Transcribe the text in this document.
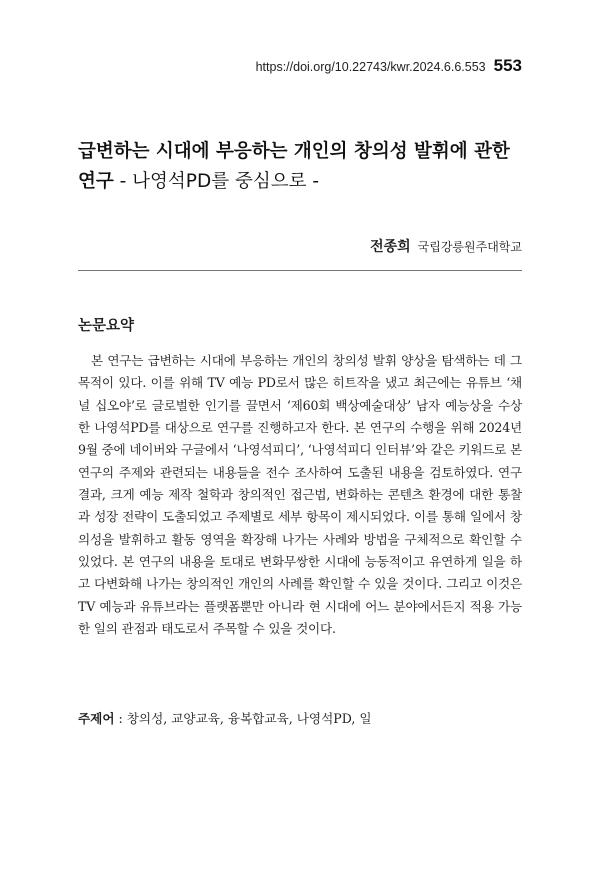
https://doi.org/10.22743/kwr.2024.6.6.553 553
급변하는 시대에 부응하는 개인의 창의성 발휘에 관한
연구 - 나영석PD를 중심으로 -
전종희 국립강릉원주대학교
논문요약

본 연구는 급변하는 시대에 부응하는 개인의 창의성 발휘 양상을 탐색하는 데 그 목적이 있다. 이를 위해 TV 예능 PD로서 많은 히트작을 냈고 최근에는 유튜브 ‘채널 십오야’로 글로벌한 인기를 끌면서 ‘제60회 백상예술대상’ 남자 예능상을 수상한 나영석PD를 대상으로 연구를 진행하고자 한다. 본 연구의 수행을 위해 2024년 9월 중에 네이버와 구글에서 ‘나영석피디’, ‘나영석피디 인터뷰’와 같은 키워드로 본 연구의 주제와 관련되는 내용들을 전수 조사하여 도출된 내용을 검토하였다. 연구 결과, 크게 예능 제작 철학과 창의적인 접근법, 변화하는 콘텐츠 환경에 대한 통찰과 성장 전략이 도출되었고 주제별로 세부 항목이 제시되었다. 이를 통해 일에서 창의성을 발휘하고 활동 영역을 확장해 나가는 사례와 방법을 구체적으로 확인할 수 있었다. 본 연구의 내용을 토대로 변화무쌍한 시대에 능동적이고 유연하게 일을 하고 다변화해 나가는 창의적인 개인의 사례를 확인할 수 있을 것이다. 그리고 이것은 TV 예능과 유튜브라는 플랫폼뿐만 아니라 현 시대에 어느 분야에서든지 적용 가능한 일의 관점과 태도로서 주목할 수 있을 것이다.

주제어 : 창의성, 교양교육, 융복합교육, 나영석PD, 일
